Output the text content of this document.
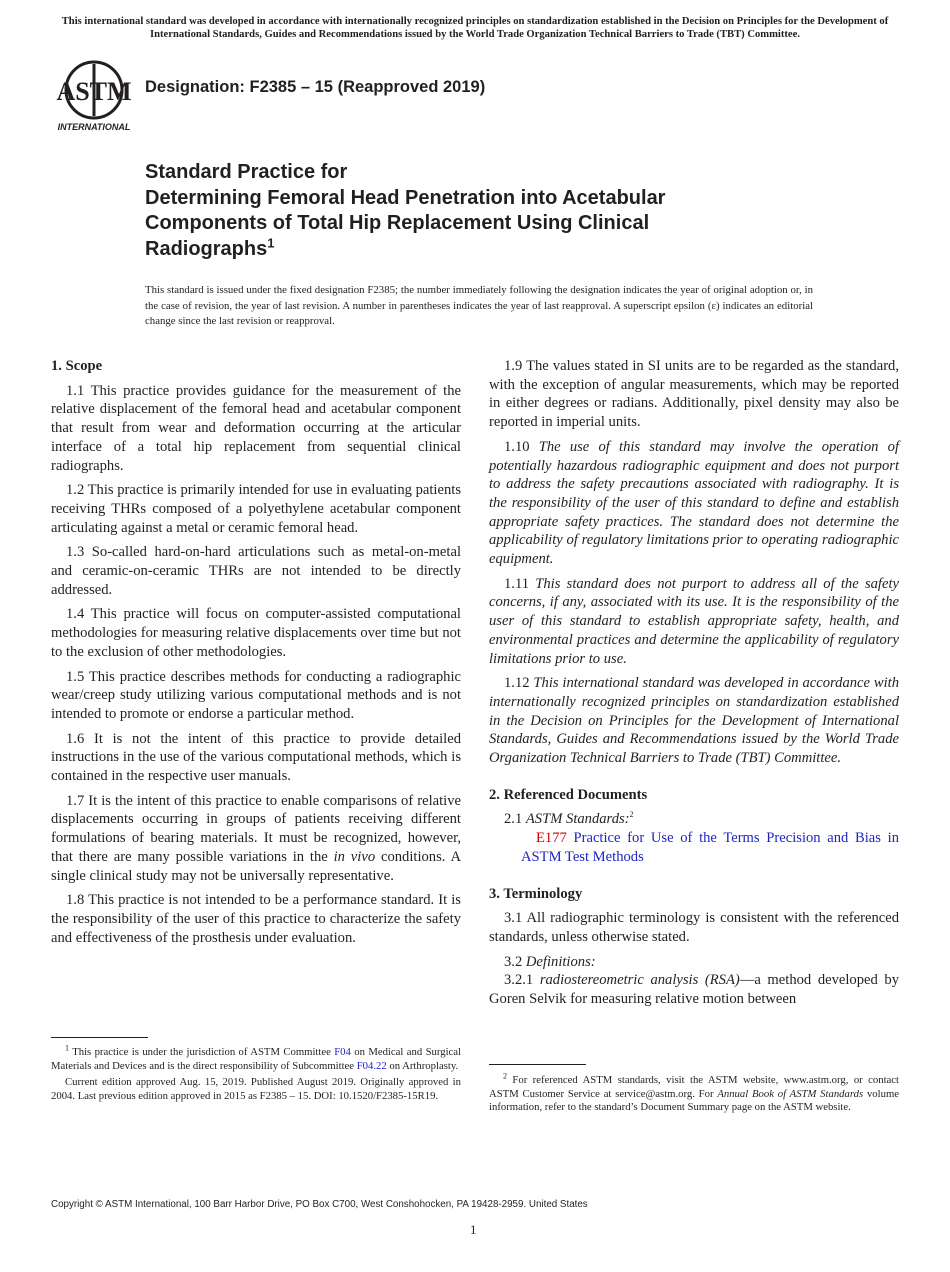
This international standard was developed in accordance with internationally recognized principles on standardization established in the Decision on Principles for the Development of International Standards, Guides and Recommendations issued by the World Trade Organization Technical Barriers to Trade (TBT) Committee.
ASTM
INTERNATIONAL
Designation: F2385 – 15 (Reapproved 2019)
Standard Practice for
Determining Femoral Head Penetration into Acetabular
Components of Total Hip Replacement Using Clinical
Radiographs$^1$
This standard is issued under the fixed designation F2385; the number immediately following the designation indicates the year of original adoption or, in the case of revision, the year of last revision. A number in parentheses indicates the year of last reapproval. A superscript epsilon (ε) indicates an editorial change since the last revision or reapproval.
1. Scope

1.1 This practice provides guidance for the measurement of the relative displacement of the femoral head and acetabular component that result from wear and deformation occurring at the articular interface of a total hip replacement from sequential clinical radiographs.

1.2 This practice is primarily intended for use in evaluating patients receiving THRs composed of a polyethylene acetabular component articulating against a metal or ceramic femoral head.

1.3 So-called hard-on-hard articulations such as metal-on-metal and ceramic-on-ceramic THRs are not intended to be directly addressed.

1.4 This practice will focus on computer-assisted computational methodologies for measuring relative displacements over time but not to the exclusion of other methodologies.

1.5 This practice describes methods for conducting a radiographic wear/creep study utilizing various computational methods and is not intended to promote or endorse a particular method.

1.6 It is not the intent of this practice to provide detailed instructions in the use of the various computational methods, which is contained in the respective user manuals.

1.7 It is the intent of this practice to enable comparisons of relative displacements occurring in groups of patients receiving different formulations of bearing materials. It must be recognized, however, that there are many possible variations in the in vivo conditions. A single clinical study may not be universally representative.

1.8 This practice is not intended to be a performance standard. It is the responsibility of the user of this practice to characterize the safety and effectiveness of the prosthesis under evaluation.

$^1$ This practice is under the jurisdiction of ASTM Committee F04 on Medical and Surgical Materials and Devices and is the direct responsibility of Subcommittee F04.22 on Arthroplasty.

Current edition approved Aug. 15, 2019. Published August 2019. Originally approved in 2004. Last previous edition approved in 2015 as F2385 – 15. DOI: 10.1520/F2385-15R19.

1.9 The values stated in SI units are to be regarded as the standard, with the exception of angular measurements, which may be reported in either degrees or radians. Additionally, pixel density may also be reported in imperial units.

1.10 The use of this standard may involve the operation of potentially hazardous radiographic equipment and does not purport to address the safety precautions associated with radiography. It is the responsibility of the user of this standard to define and establish appropriate safety practices. The standard does not determine the applicability of regulatory limitations prior to operating radiographic equipment.

1.11 This standard does not purport to address all of the safety concerns, if any, associated with its use. It is the responsibility of the user of this standard to establish appropriate safety, health, and environmental practices and determine the applicability of regulatory limitations prior to use.

1.12 This international standard was developed in accordance with internationally recognized principles on standardization established in the Decision on Principles for the Development of International Standards, Guides and Recommendations issued by the World Trade Organization Technical Barriers to Trade (TBT) Committee.

2. Referenced Documents

2.1 ASTM Standards:$^2$

E177 Practice for Use of the Terms Precision and Bias in ASTM Test Methods

3. Terminology

3.1 All radiographic terminology is consistent with the referenced standards, unless otherwise stated.

3.2 Definitions:

3.2.1 radiostereometric analysis (RSA)—a method developed by Goren Selvik for measuring relative motion between

$^2$ For referenced ASTM standards, visit the ASTM website, www.astm.org, or contact ASTM Customer Service at service@astm.org. For Annual Book of ASTM Standards volume information, refer to the standard’s Document Summary page on the ASTM website.

Copyright © ASTM International, 100 Barr Harbor Drive, PO Box C700, West Conshohocken, PA 19428-2959. United States
1
